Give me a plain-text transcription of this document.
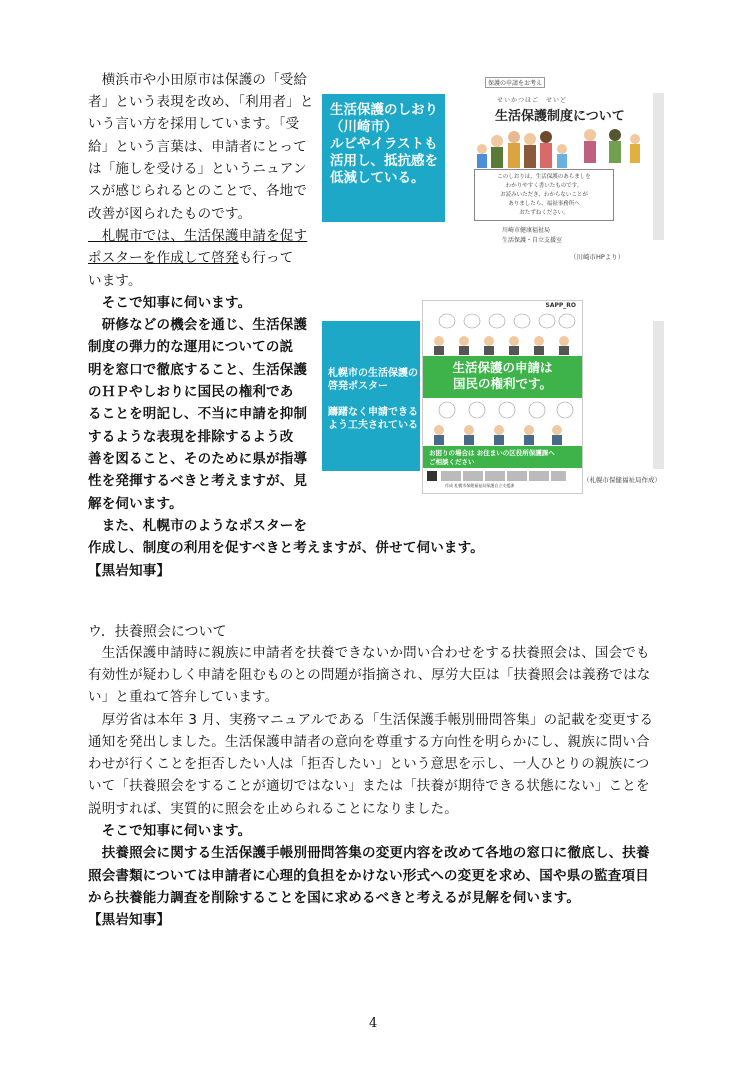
　横浜市や小田原市は保護の「受給
者」という表現を改め、「利用者」と
いう言い方を採用しています。「受
給」という言葉は、申請者にとって
は「施しを受ける」というニュアン
スが感じられるとのことで、各地で
改善が図られたものです。
　札幌市では、生活保護申請を促す
ポスターを作成して啓発も行って
います。
　そこで知事に伺います。
　研修などの機会を通じ、生活保護
制度の弾力的な運用についての説
明を窓口で徹底すること、生活保護
のＨＰやしおりに国民の権利であ
ることを明記し、不当に申請を抑制
するような表現を排除するよう改
善を図ること、そのために県が指導
性を発揮するべきと考えますが、見
解を伺います。
　また、札幌市のようなポスターを
作成し、制度の利用を促すべきと考えますが、併せて伺います。
【黒岩知事】
生活保護のしおり
（川崎市）
ルビやイラストも
活用し、抵抗感を
低減している。
保護の申請をお考え
せいかつほご　せいど
生活保護制度について
このしおりは、生活保護のあらましを
わかりやすく書いたものです。
お読みいただき、わからないことが
ありましたら、福祉事務所へ
おたずねください。
川崎市健康福祉局
生活保護・自立支援室
（川崎市HPより）
札幌市の生活保護の
啓発ポスター
躊躇なく申請できる
よう工夫されている
SAPP_RO
生活保護の申請は
国民の権利です。
お困りの場合は お住まいの区役所保護課へ
ご相談ください
作成 札幌市保健福祉局保護自立支援課
（札幌市保健福祉局作成）
ウ．扶養照会について
　生活保護申請時に親族に申請者を扶養できないか問い合わせをする扶養照会は、国会でも
有効性が疑わしく申請を阻むものとの問題が指摘され、厚労大臣は「扶養照会は義務ではな
い」と重ねて答弁しています。
　厚労省は本年 3 月、実務マニュアルである「生活保護手帳別冊問答集」の記載を変更する
通知を発出しました。生活保護申請者の意向を尊重する方向性を明らかにし、親族に問い合
わせが行くことを拒否したい人は「拒否したい」という意思を示し、一人ひとりの親族につ
いて「扶養照会をすることが適切ではない」または「扶養が期待できる状態にない」ことを
説明すれば、実質的に照会を止められることになりました。
　そこで知事に伺います。
　扶養照会に関する生活保護手帳別冊問答集の変更内容を改めて各地の窓口に徹底し、扶養
照会書類については申請者に心理的負担をかけない形式への変更を求め、国や県の監査項目
から扶養能力調査を削除することを国に求めるべきと考えるが見解を伺います。
【黒岩知事】
4
